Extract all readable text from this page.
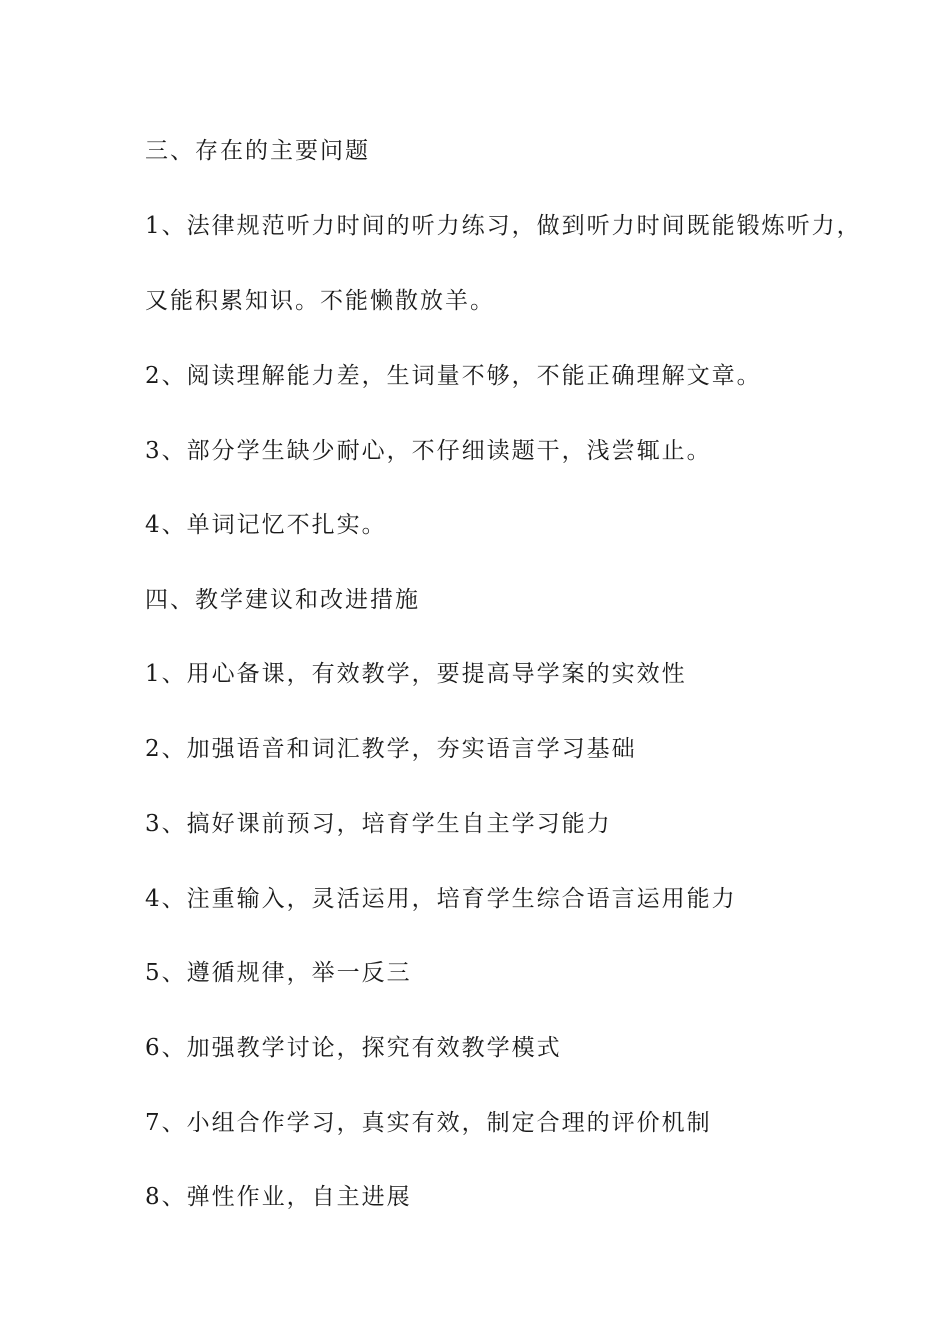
三、存在的主要问题
1、法律规范听力时间的听力练习，做到听力时间既能锻炼听力，
又能积累知识。不能懒散放羊。
2、阅读理解能力差，生词量不够，不能正确理解文章。
3、部分学生缺少耐心，不仔细读题干，浅尝辄止。
4、单词记忆不扎实。
四、教学建议和改进措施
1、用心备课，有效教学，要提高导学案的实效性
2、加强语音和词汇教学，夯实语言学习基础
3、搞好课前预习，培育学生自主学习能力
4、注重输入，灵活运用，培育学生综合语言运用能力
5、遵循规律，举一反三
6、加强教学讨论，探究有效教学模式
7、小组合作学习，真实有效，制定合理的评价机制
8、弹性作业，自主进展
